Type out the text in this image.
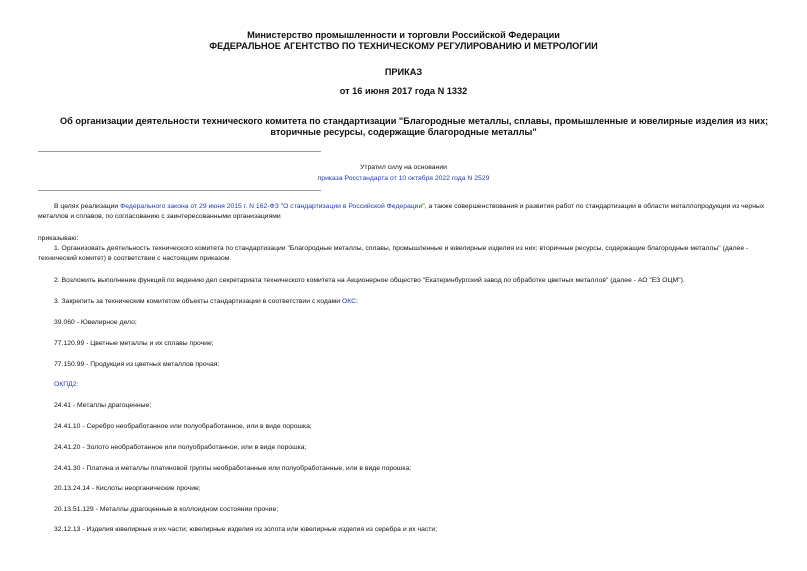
Министерство промышленности и торговли Российской Федерации
ФЕДЕРАЛЬНОЕ АГЕНТСТВО ПО ТЕХНИЧЕСКОМУ РЕГУЛИРОВАНИЮ И МЕТРОЛОГИИ
ПРИКАЗ
от 16 июня 2017 года N 1332
Об организации деятельности технического комитета по стандартизации "Благородные металлы, сплавы, промышленные и ювелирные изделия из них;
вторичные ресурсы, содержащие благородные металлы"
Утратил силу на основании
приказа Росстандарта от 10 октября 2022 года N 2529
В целях реализации Федерального закона от 29 июня 2015 г. N 162-ФЗ "О стандартизации в Российской Федерации", а также совершенствования и развития работ по стандартизации в области металлопродукции из черных металлов и сплавов, по согласованию с заинтересованными организациями
приказываю:
1. Организовать деятельность технического комитета по стандартизации "Благородные металлы, сплавы, промышленные и ювелирные изделия из них; вторичные ресурсы, содержащие благородные металлы" (далее - технический комитет) в соответствии с настоящим приказом.
2. Возложить выполнение функций по ведению дел секретариата технического комитета на Акционерное общество "Екатеринбургский завод по обработке цветных металлов" (далее - АО "ЕЗ ОЦМ").
3. Закрепить за техническим комитетом объекты стандартизации в соответствии с кодами ОКС:
39.060 - Ювелирное дело;
77.120.99 - Цветные металлы и их сплавы прочие;
77.150.99 - Продукция из цветных металлов прочая;
ОКПД2:
24.41 - Металлы драгоценные;
24.41.10 - Серебро необработанное или полуобработанное, или в виде порошка;
24.41.20 - Золото необработанное или полуобработанное, или в виде порошка;
24.41.30 - Платина и металлы платиновой группы необработанные или полуобработанные, или в виде порошка;
20.13.24.14 - Кислоты неорганические прочие;
20.13.51.129 - Металлы драгоценные в коллоидном состоянии прочие;
32.12.13 - Изделия ювелирные и их части; ювелирные изделия из золота или ювелирные изделия из серебра и их части;
